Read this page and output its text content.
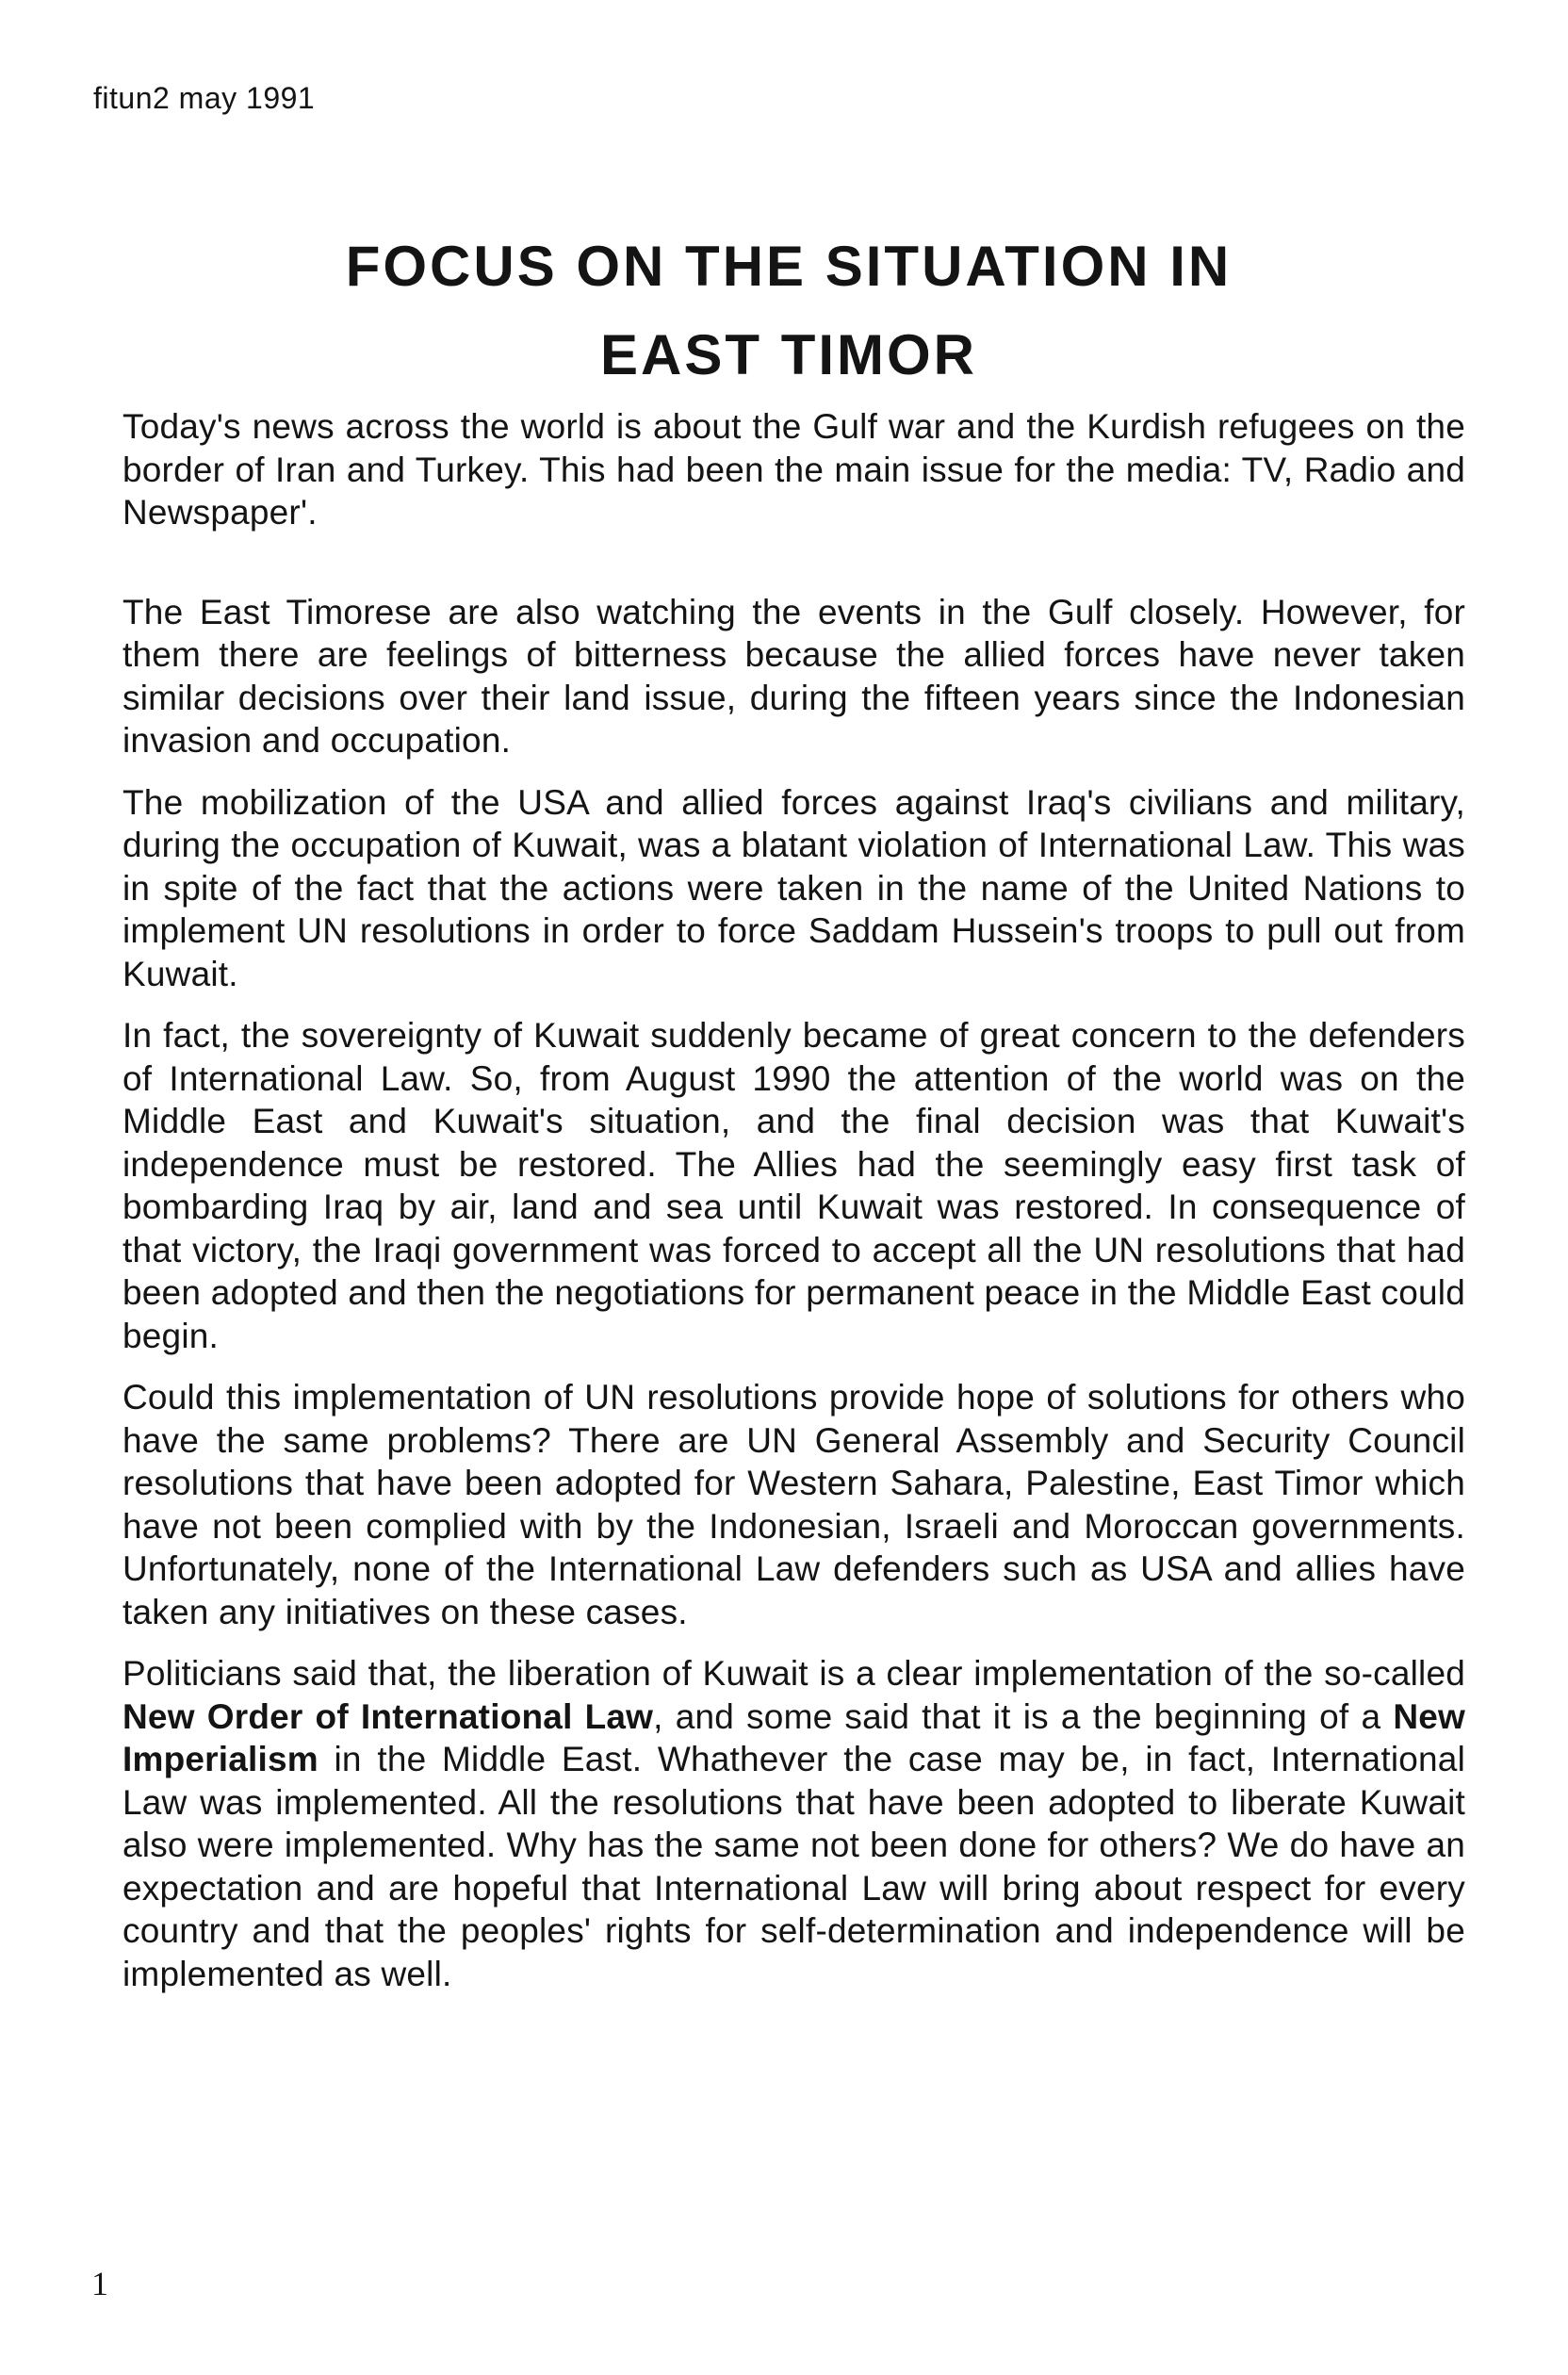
fitun2 may 1991
FOCUS ON THE SITUATION IN
EAST TIMOR

Today's news across the world is about the Gulf war and the Kurdish refugees on the border of Iran and Turkey. This had been the main issue for the media: TV, Radio and Newspaper'.

The East Timorese are also watching the events in the Gulf closely. However, for them there are feelings of bitterness because the allied forces have never taken similar decisions over their land issue, during the fifteen years since the Indonesian invasion and occupation.

The mobilization of the USA and allied forces against Iraq's civilians and military, during the occupation of Kuwait, was a blatant violation of International Law. This was in spite of the fact that the actions were taken in the name of the United Nations to implement UN resolutions in order to force Saddam Hussein's troops to pull out from Kuwait.

In fact, the sovereignty of Kuwait suddenly became of great concern to the defenders of International Law. So, from August 1990 the attention of the world was on the Middle East and Kuwait's situation, and the final decision was that Kuwait's independence must be restored. The Allies had the seemingly easy first task of bombarding Iraq by air, land and sea until Kuwait was restored. In consequence of that victory, the Iraqi government was forced to accept all the UN resolutions that had been adopted and then the negotiations for permanent peace in the Middle East could begin.

Could this implementation of UN resolutions provide hope of solutions for others who have the same problems? There are UN General Assembly and Security Council resolutions that have been adopted for Western Sahara, Palestine, East Timor which have not been complied with by the Indonesian, Israeli and Moroccan governments. Unfortunately, none of the International Law defenders such as USA and allies have taken any initiatives on these cases.

Politicians said that, the liberation of Kuwait is a clear implementation of the so-called New Order of International Law, and some said that it is a the beginning of a New Imperialism in the Middle East. Whathever the case may be, in fact, International Law was implemented. All the resolutions that have been adopted to liberate Kuwait also were implemented. Why has the same not been done for others? We do have an expectation and are hopeful that International Law will bring about respect for every country and that the peoples' rights for self-determination and independence will be implemented as well.

1
